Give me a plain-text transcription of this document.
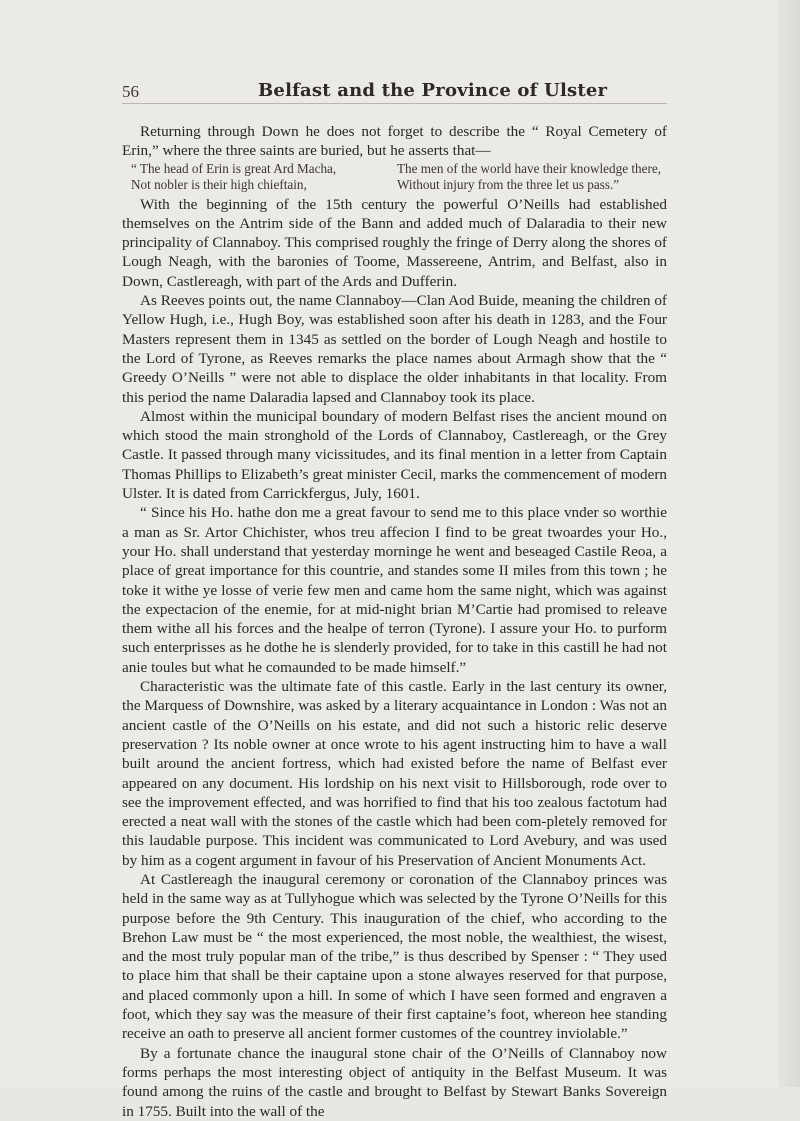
56	Belfast and the Province of Ulster

Returning through Down he does not forget to describe the “ Royal Cemetery of Erin,” where the three saints are buried, but he asserts that—

“ The head of Erin is great Ard Macha,
Not nobler is their high chieftain,
The men of the world have their knowledge there,
Without injury from the three let us pass.”

With the beginning of the 15th century the powerful O’Neills had established themselves on the Antrim side of the Bann and added much of Dalaradia to their new principality of Clannaboy. This comprised roughly the fringe of Derry along the shores of Lough Neagh, with the baronies of Toome, Massereene, Antrim, and Belfast, also in Down, Castlereagh, with part of the Ards and Dufferin.

As Reeves points out, the name Clannaboy—Clan Aod Buide, meaning the children of Yellow Hugh, i.e., Hugh Boy, was established soon after his death in 1283, and the Four Masters represent them in 1345 as settled on the border of Lough Neagh and hostile to the Lord of Tyrone, as Reeves remarks the place names about Armagh show that the “ Greedy O’Neills ” were not able to displace the older inhabitants in that locality. From this period the name Dalaradia lapsed and Clannaboy took its place.

Almost within the municipal boundary of modern Belfast rises the ancient mound on which stood the main stronghold of the Lords of Clannaboy, Castlereagh, or the Grey Castle. It passed through many vicissitudes, and its final mention in a letter from Captain Thomas Phillips to Elizabeth’s great minister Cecil, marks the commencement of modern Ulster. It is dated from Carrickfergus, July, 1601.

“ Since his Ho. hathe don me a great favour to send me to this place vnder so worthie a man as Sr. Artor Chichister, whos treu affecion I find to be great twoardes your Ho., your Ho. shall understand that yesterday morninge he went and beseaged Castile Reoa, a place of great importance for this countrie, and standes some II miles from this town ; he toke it withe ye losse of verie few men and came hom the same night, which was against the expectacion of the enemie, for at mid-night brian M’Cartie had promised to releave them withe all his forces and the healpe of terron (Tyrone). I assure your Ho. to purform such enterprisses as he dothe he is slenderly provided, for to take in this castill he had not anie toules but what he comaunded to be made himself.”

Characteristic was the ultimate fate of this castle. Early in the last century its owner, the Marquess of Downshire, was asked by a literary acquaintance in London : Was not an ancient castle of the O’Neills on his estate, and did not such a historic relic deserve preservation ? Its noble owner at once wrote to his agent instructing him to have a wall built around the ancient fortress, which had existed before the name of Belfast ever appeared on any document. His lordship on his next visit to Hillsborough, rode over to see the improvement effected, and was horrified to find that his too zealous factotum had erected a neat wall with the stones of the castle which had been com-pletely removed for this laudable purpose. This incident was communicated to Lord Avebury, and was used by him as a cogent argument in favour of his Preservation of Ancient Monuments Act.

At Castlereagh the inaugural ceremony or coronation of the Clannaboy princes was held in the same way as at Tullyhogue which was selected by the Tyrone O’Neills for this purpose before the 9th Century. This inauguration of the chief, who according to the Brehon Law must be “ the most experienced, the most noble, the wealthiest, the wisest, and the most truly popular man of the tribe,” is thus described by Spenser : “ They used to place him that shall be their captaine upon a stone alwayes reserved for that purpose, and placed commonly upon a hill. In some of which I have seen formed and engraven a foot, which they say was the measure of their first captaine’s foot, whereon hee standing receive an oath to preserve all ancient former customes of the countrey inviolable.”

By a fortunate chance the inaugural stone chair of the O’Neills of Clannaboy now forms perhaps the most interesting object of antiquity in the Belfast Museum. It was found among the ruins of the castle and brought to Belfast by Stewart Banks Sovereign in 1755. Built into the wall of the
